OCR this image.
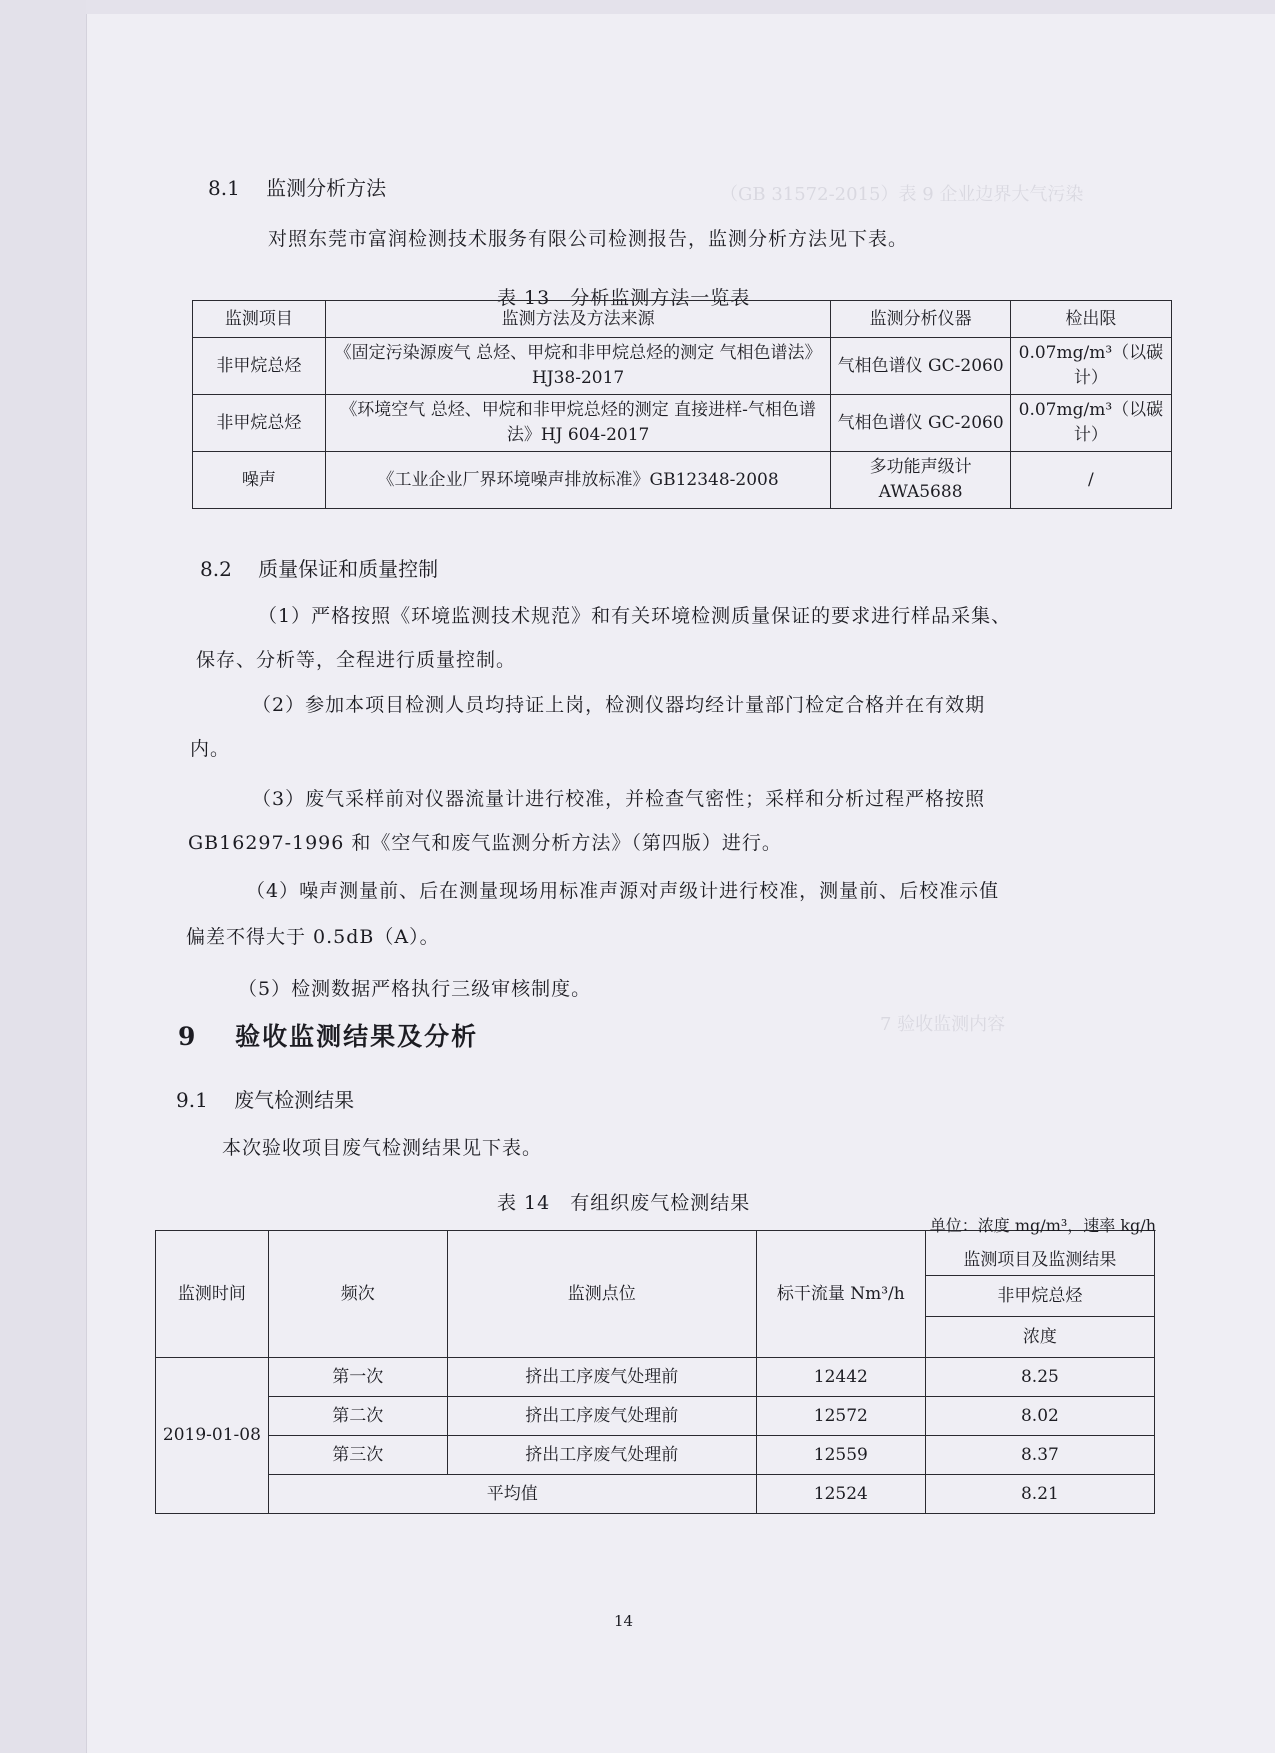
（GB 31572-2015）表 9 企业边界大气污染
7 验收监测内容
8.1　 监测分析方法
对照东莞市富润检测技术服务有限公司检测报告，监测分析方法见下表。
表 13　分析监测方法一览表
监测项目	监测方法及方法来源	监测分析仪器	检出限
非甲烷总烃	《固定污染源废气 总烃、甲烷和非甲烷总烃的测定 气相色谱法》 HJ38-2017	气相色谱仪 GC-2060	0.07mg/m³（以碳计）
非甲烷总烃	《环境空气 总烃、甲烷和非甲烷总烃的测定 直接进样-气相色谱法》HJ 604-2017	气相色谱仪 GC-2060	0.07mg/m³（以碳计）
噪声	《工业企业厂界环境噪声排放标准》GB12348-2008	多功能声级计 AWA5688	/
8.2　 质量保证和质量控制
（1）严格按照《环境监测技术规范》和有关环境检测质量保证的要求进行样品采集、
保存、分析等，全程进行质量控制。
（2）参加本项目检测人员均持证上岗，检测仪器均经计量部门检定合格并在有效期
内。
（3）废气采样前对仪器流量计进行校准，并检查气密性；采样和分析过程严格按照
GB16297-1996 和《空气和废气监测分析方法》（第四版）进行。
（4）噪声测量前、后在测量现场用标准声源对声级计进行校准，测量前、后校准示值
偏差不得大于 0.5dB（A）。
（5）检测数据严格执行三级审核制度。
9　 验收监测结果及分析
9.1　 废气检测结果
本次验收项目废气检测结果见下表。
表 14　有组织废气检测结果
监测时间	频次	监测点位	标干流量 Nm³/h	单位：浓度 mg/m³，速率 kg/h
监测项目及监测结果
				非甲烷总烃
				浓度
2019-01-08	第一次	挤出工序废气处理前	12442	8.25
	第二次	挤出工序废气处理前	12572	8.02
	第三次	挤出工序废气处理前	12559	8.37
	平均值		12524	8.21
14
